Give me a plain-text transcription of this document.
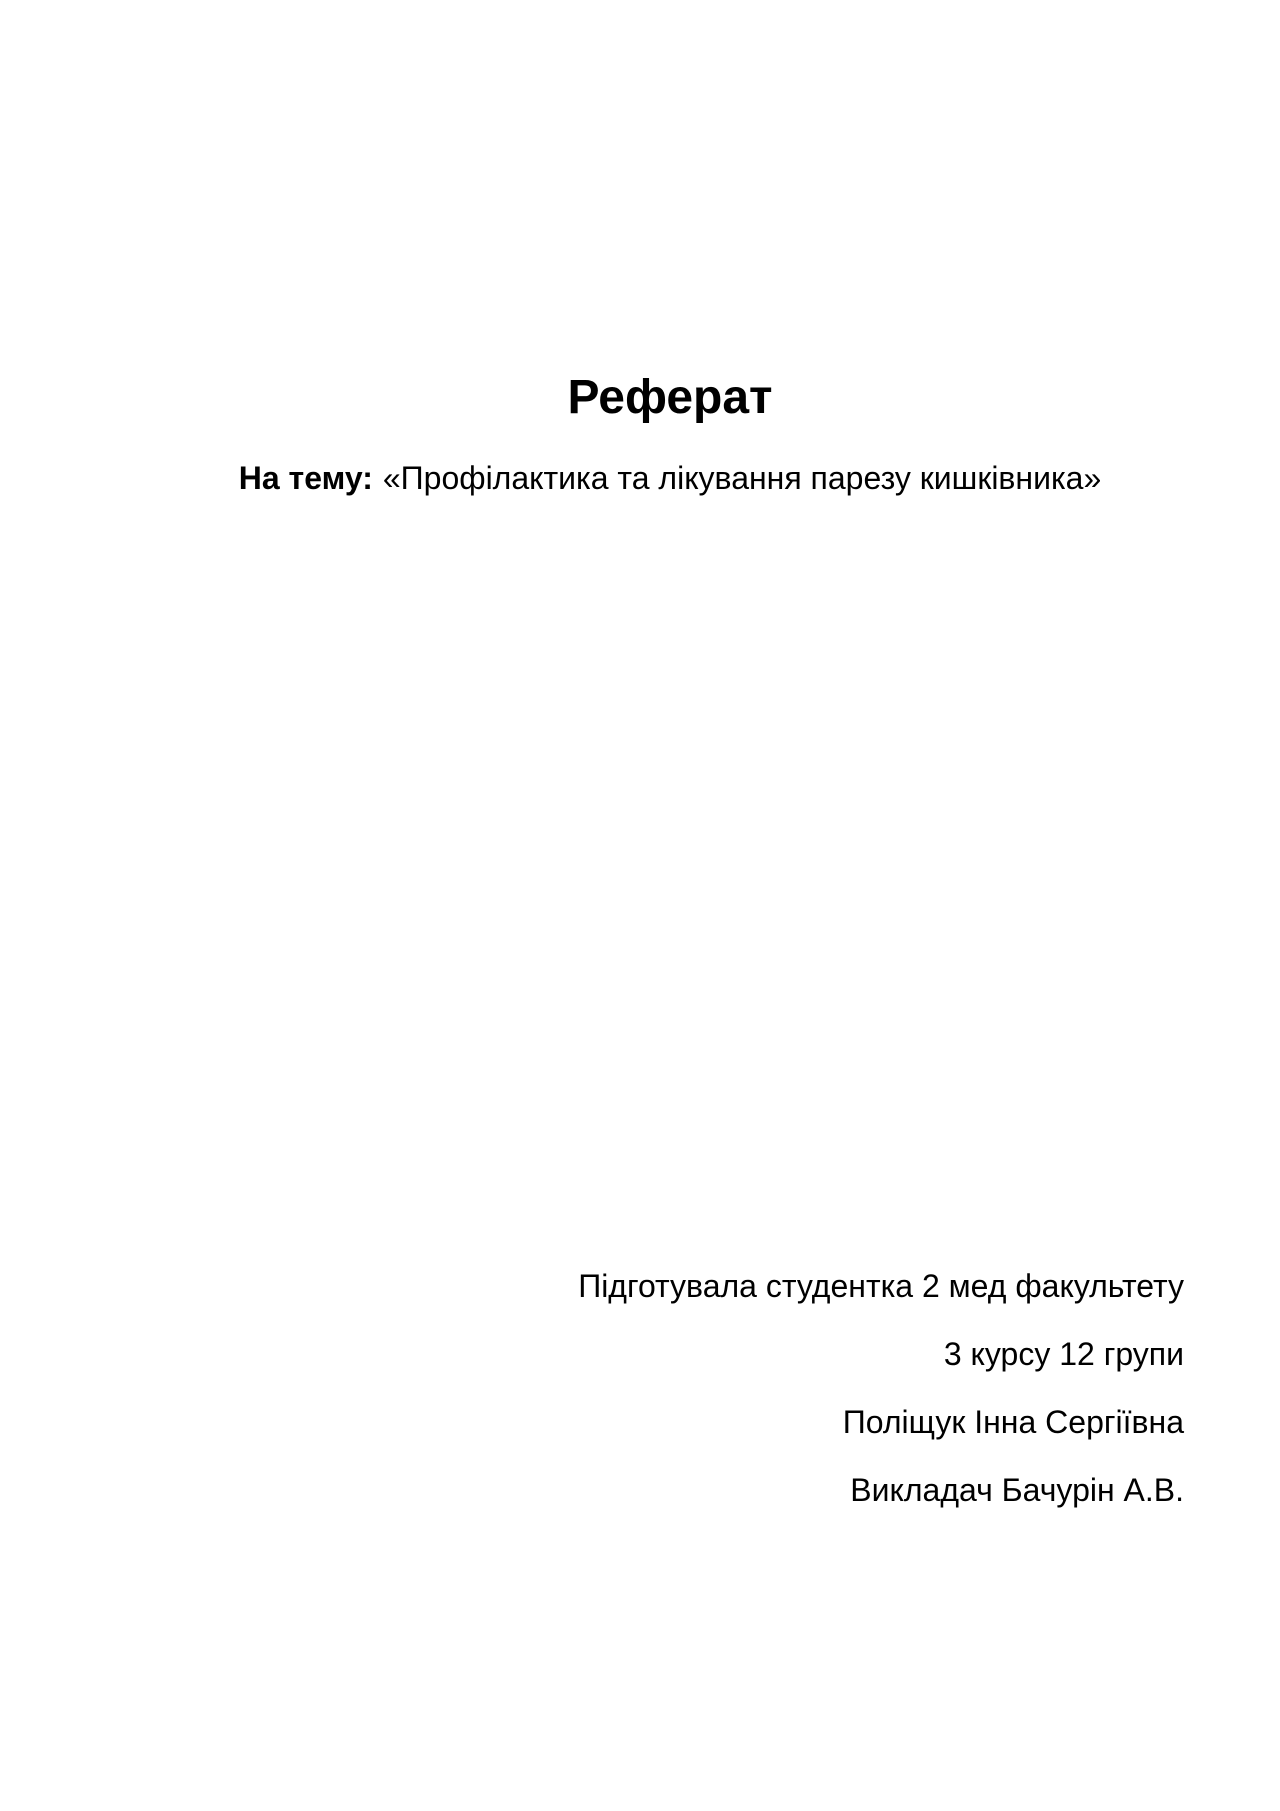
Реферат

На тему: «Профілактика та лікування парезу кишківника»

Підготувала студентка 2 мед факультету
3 курсу 12 групи
Поліщук Інна Сергіївна
Викладач Бачурін А.В.
